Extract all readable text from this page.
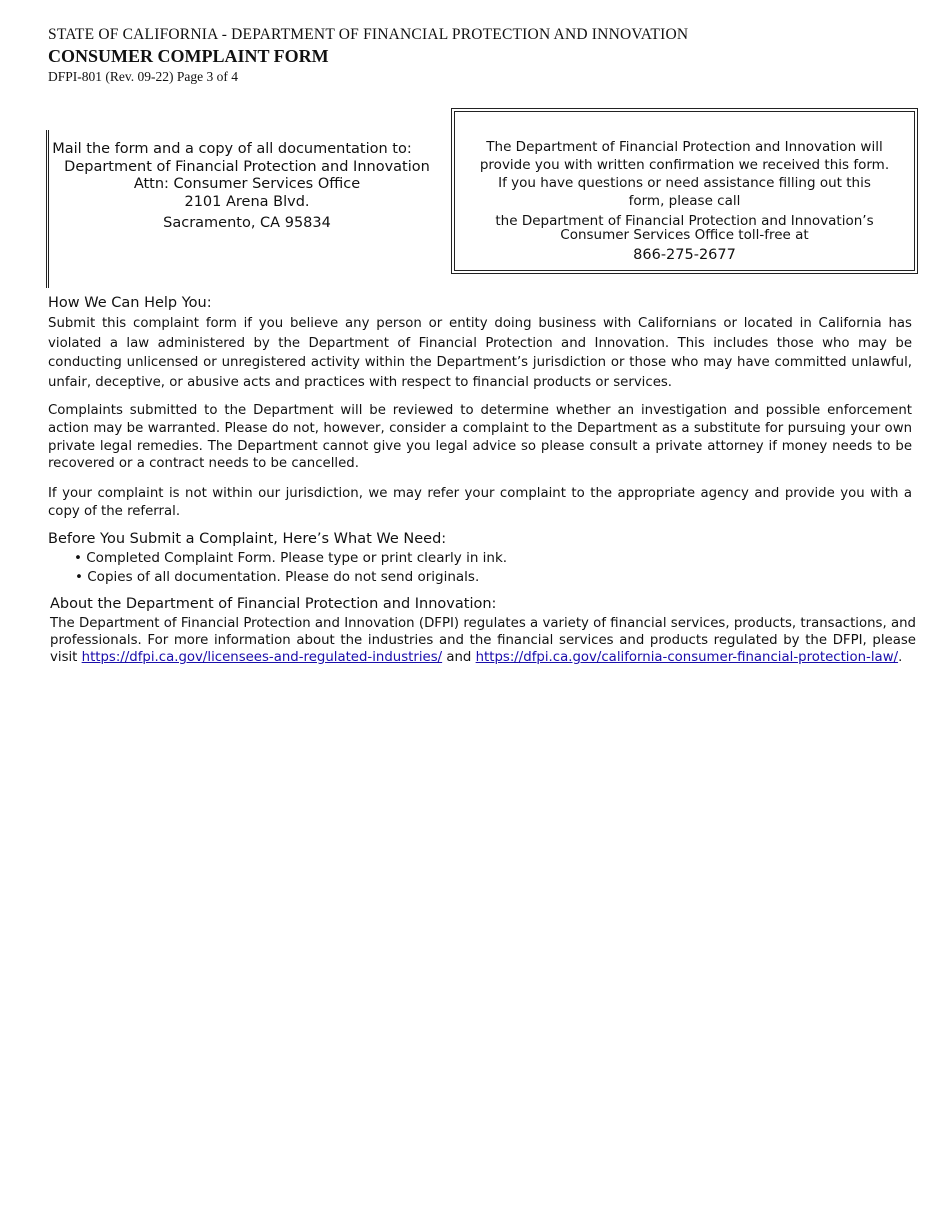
STATE OF CALIFORNIA - DEPARTMENT OF FINANCIAL PROTECTION AND INNOVATION
CONSUMER COMPLAINT FORM
DFPI-801 (Rev. 09-22) Page 3 of 4
Mail the form and a copy of all documentation to:
Department of Financial Protection and Innovation
Attn: Consumer Services Office
2101 Arena Blvd.
Sacramento, CA 95834
The Department of Financial Protection and Innovation will
provide you with written confirmation we received this form.
If you have questions or need assistance filling out this
form, please call
the Department of Financial Protection and Innovation’s
Consumer Services Office toll-free at
866-275-2677
How We Can Help You:

Submit this complaint form if you believe any person or entity doing business with Californians or located in California has violated a law administered by the Department of Financial Protection and Innovation. This includes those who may be conducting unlicensed or unregistered activity within the Department’s jurisdiction or those who may have committed unlawful, unfair, deceptive, or abusive acts and practices with respect to financial products or services.

Complaints submitted to the Department will be reviewed to determine whether an investigation and possible enforcement action may be warranted. Please do not, however, consider a complaint to the Department as a substitute for pursuing your own private legal remedies. The Department cannot give you legal advice so please consult a private attorney if money needs to be recovered or a contract needs to be cancelled.

If your complaint is not within our jurisdiction, we may refer your complaint to the appropriate agency and provide you with a copy of the referral.

Before You Submit a Complaint, Here’s What We Need:
• Completed Complaint Form. Please type or print clearly in ink.
• Copies of all documentation. Please do not send originals.
About the Department of Financial Protection and Innovation:

The Department of Financial Protection and Innovation (DFPI) regulates a variety of financial services, products, transactions, and professionals. For more information about the industries and the financial services and products regulated by the DFPI, please visit https://dfpi.ca.gov/licensees-and-regulated-industries/ and https://dfpi.ca.gov/california-consumer-financial-protection-law/.
